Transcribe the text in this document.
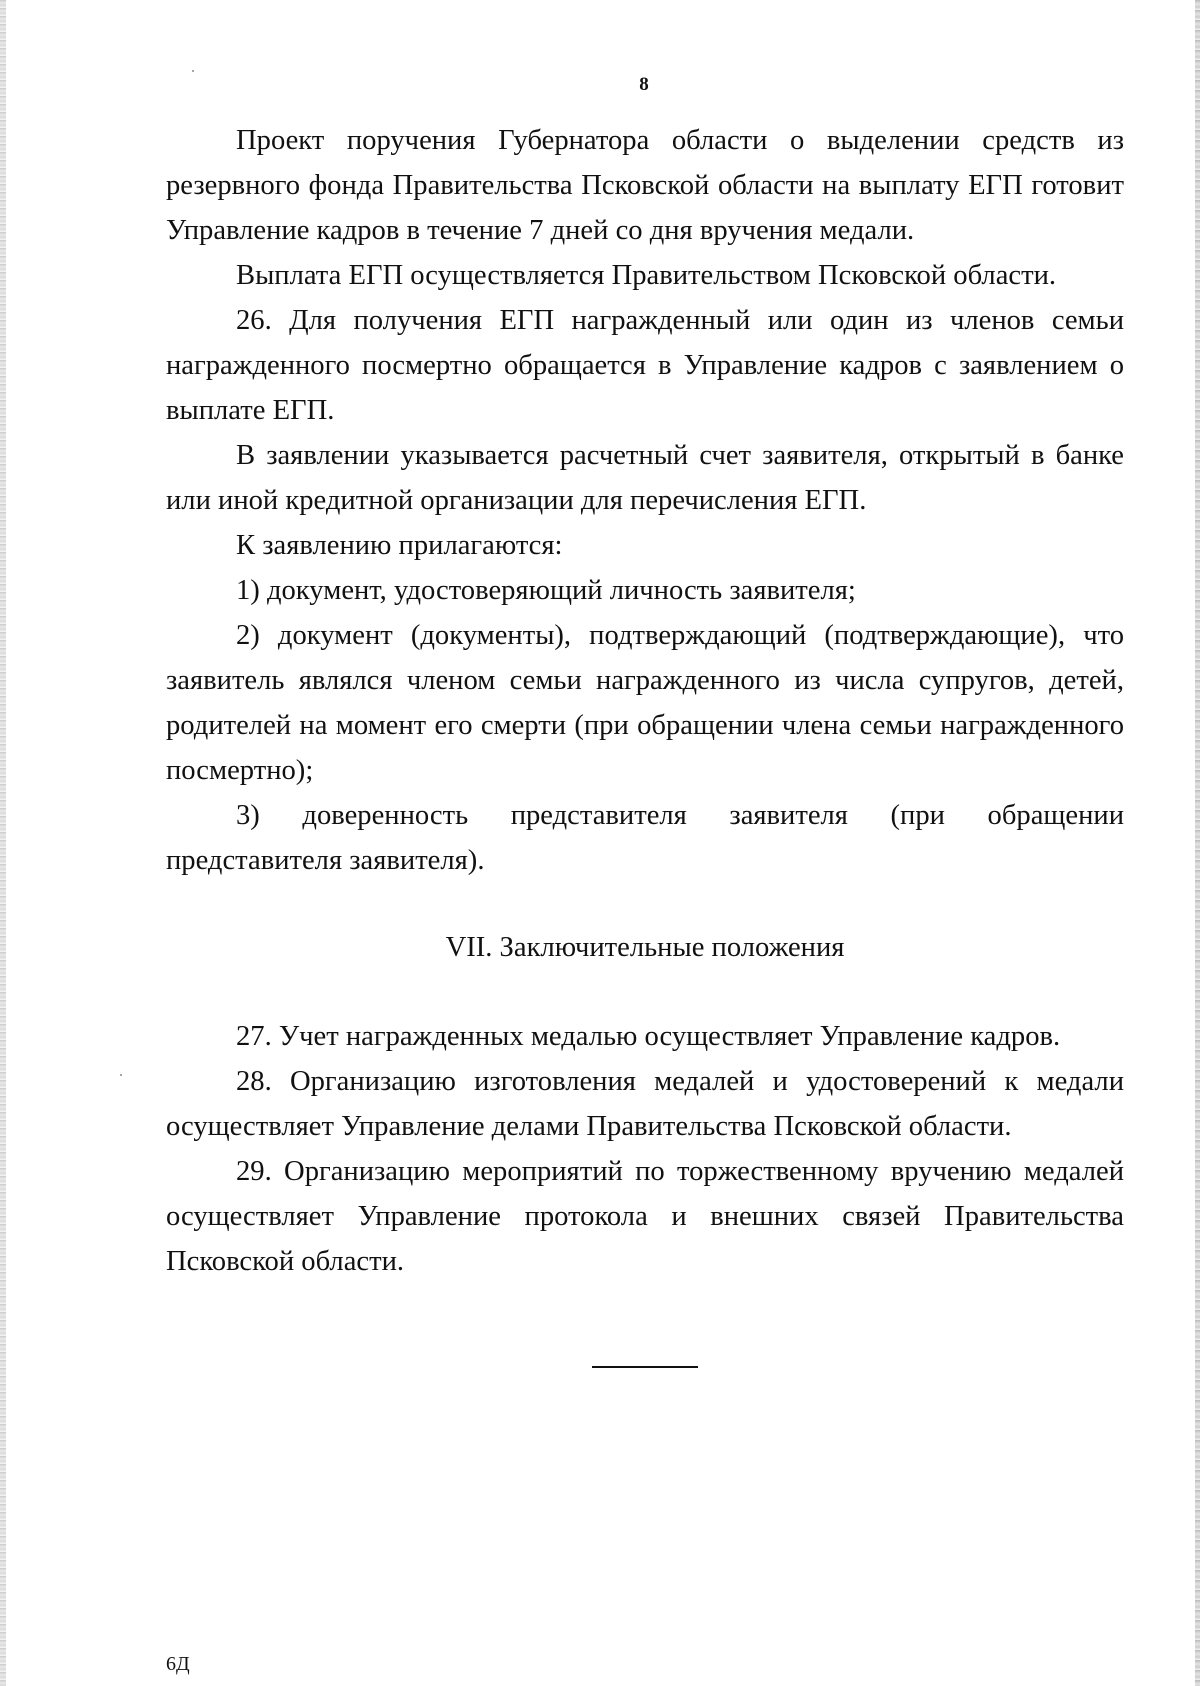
8

Проект поручения Губернатора области о выделении средств из резервного фонда Правительства Псковской области на выплату ЕГП готовит Управление кадров в течение 7 дней со дня вручения медали.

Выплата ЕГП осуществляется Правительством Псковской области.

26. Для получения ЕГП награжденный или один из членов семьи награжденного посмертно обращается в Управление кадров с заявлением о выплате ЕГП.

В заявлении указывается расчетный счет заявителя, открытый в банке или иной кредитной организации для перечисления ЕГП.

К заявлению прилагаются:

1) документ, удостоверяющий личность заявителя;

2) документ (документы), подтверждающий (подтверждающие), что заявитель являлся членом семьи награжденного из числа супругов, детей, родителей на момент его смерти (при обращении члена семьи награжденного посмертно);

3) доверенность представителя заявителя (при обращении представителя заявителя).

VII. Заключительные положения

27. Учет награжденных медалью осуществляет Управление кадров.

28. Организацию изготовления медалей и удостоверений к медали осуществляет Управление делами Правительства Псковской области.

29. Организацию мероприятий по торжественному вручению медалей осуществляет Управление протокола и внешних связей Правительства Псковской области.

6Д
